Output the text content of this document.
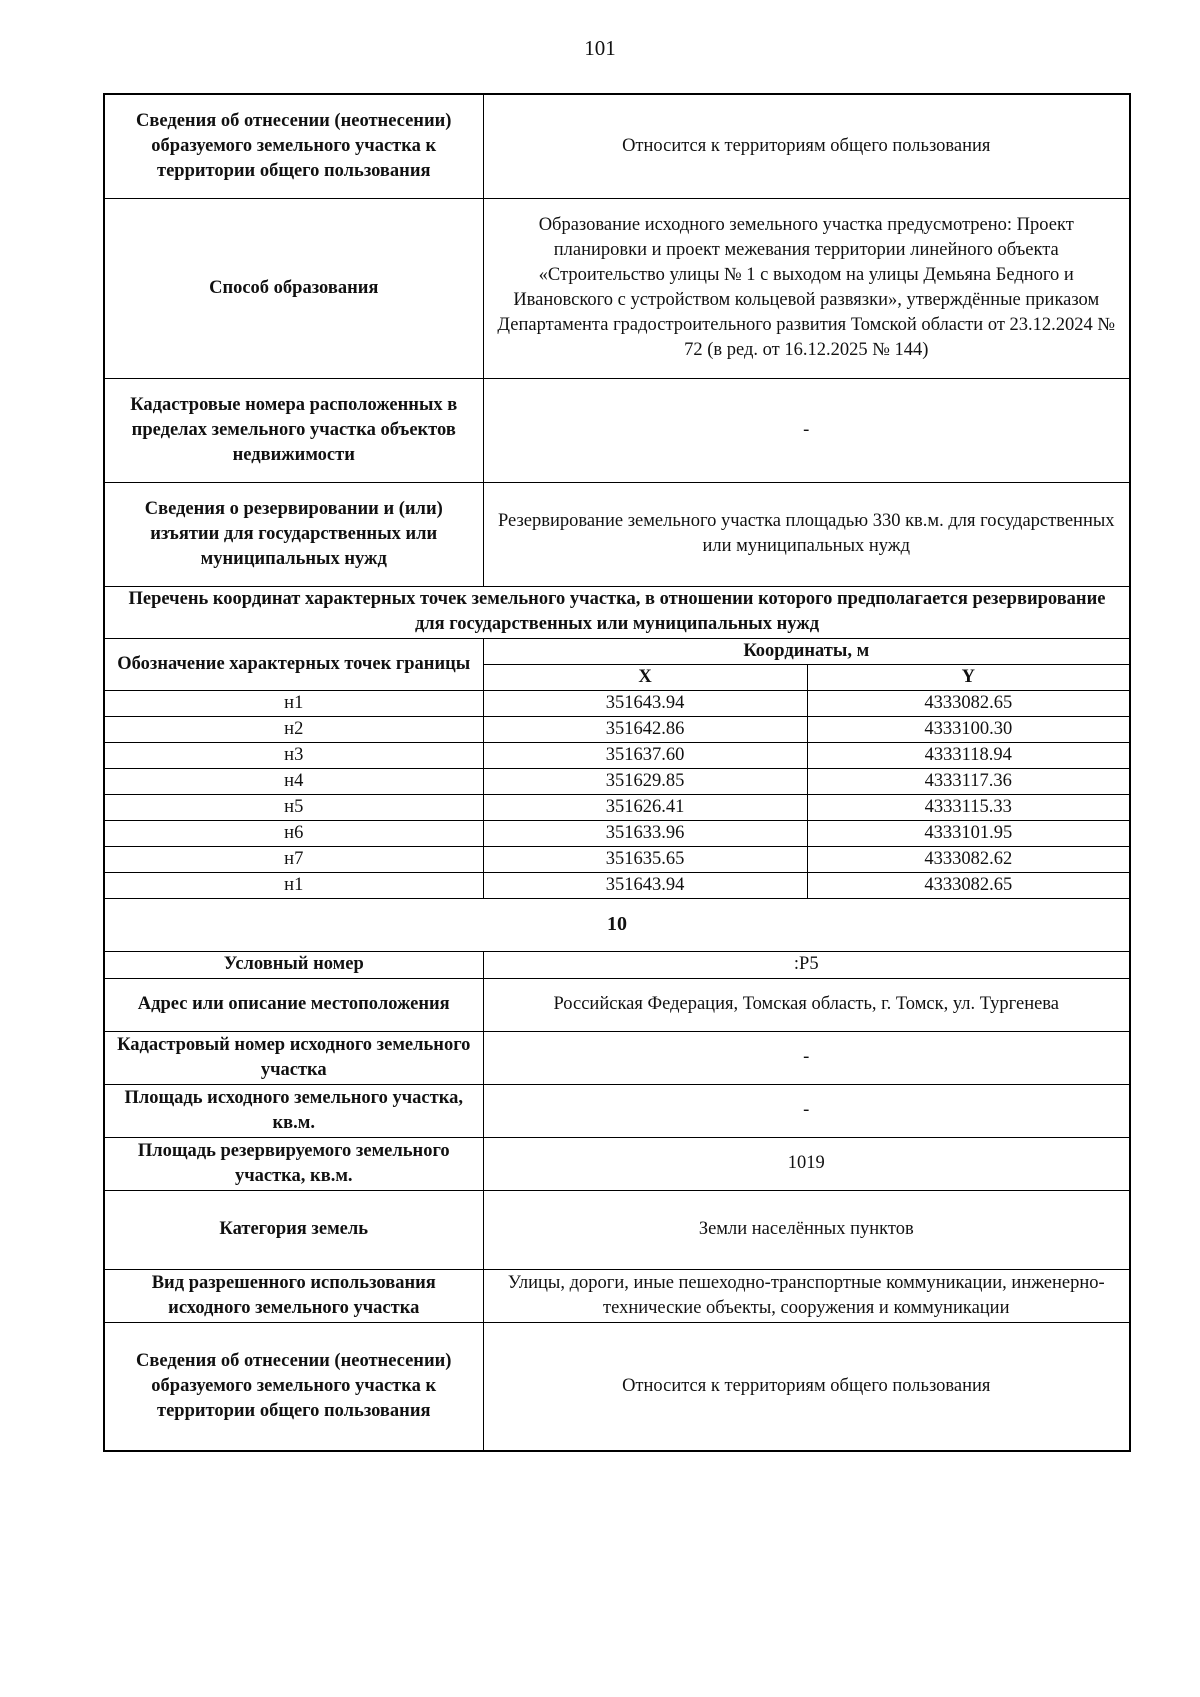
101
Сведения об отнесении (неотнесении) образуемого земельного участка к территории общего пользования	Относится к территориям общего пользования	
Способ образования	Образование исходного земельного участка предусмотрено: Проект планировки и проект межевания территории линейного объекта «Строительство улицы № 1 с выходом на улицы Демьяна Бедного и Ивановского с устройством кольцевой развязки», утверждённые приказом Департамента градостроительного развития Томской области от 23.12.2024 № 72 (в ред. от 16.12.2025 № 144)	
Кадастровые номера расположенных в пределах земельного участка объектов недвижимости	-	
Сведения о резервировании и (или) изъятии для государственных или муниципальных нужд	Резервирование земельного участка площадью 330 кв.м. для государственных или муниципальных нужд	
Перечень координат характерных точек земельного участка, в отношении которого предполагается резервирование для государственных или муниципальных нужд		
Обозначение характерных точек границы	Координаты, м	
	X	Y
н1	351643.94	4333082.65
н2	351642.86	4333100.30
н3	351637.60	4333118.94
н4	351629.85	4333117.36
н5	351626.41	4333115.33
н6	351633.96	4333101.95
н7	351635.65	4333082.62
н1	351643.94	4333082.65
10		
Условный номер	:Р5	
Адрес или описание местоположения	Российская Федерация, Томская область, г. Томск, ул. Тургенева	
Кадастровый номер исходного земельного участка	-	
Площадь исходного земельного участка, кв.м.	-	
Площадь резервируемого земельного участка, кв.м.	1019	
Категория земель	Земли населённых пунктов	
Вид разрешенного использования исходного земельного участка	Улицы, дороги, иные пешеходно-транспортные коммуникации, инженерно-технические объекты, сооружения и коммуникации	
Сведения об отнесении (неотнесении) образуемого земельного участка к территории общего пользования	Относится к территориям общего пользования	
